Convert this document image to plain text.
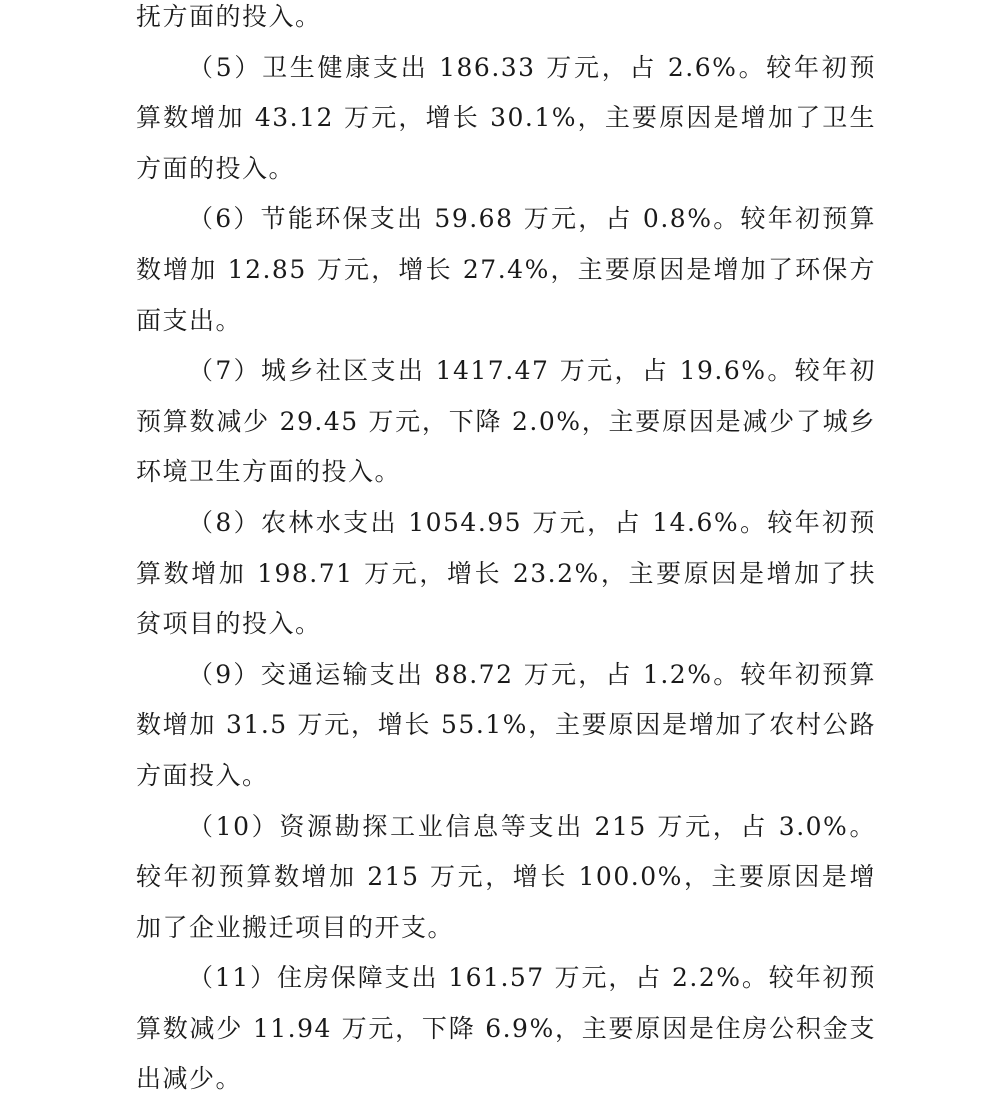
抚方面的投入。

（5）卫生健康支出 186.33 万元，占 2.6%。较年初预算数增加 43.12 万元，增长 30.1%，主要原因是增加了卫生方面的投入。

（6）节能环保支出 59.68 万元，占 0.8%。较年初预算数增加 12.85 万元，增长 27.4%，主要原因是增加了环保方面支出。

（7）城乡社区支出 1417.47 万元，占 19.6%。较年初预算数减少 29.45 万元，下降 2.0%，主要原因是减少了城乡环境卫生方面的投入。

（8）农林水支出 1054.95 万元，占 14.6%。较年初预算数增加 198.71 万元，增长 23.2%，主要原因是增加了扶贫项目的投入。

（9）交通运输支出 88.72 万元，占 1.2%。较年初预算数增加 31.5 万元，增长 55.1%，主要原因是增加了农村公路方面投入。

（10）资源勘探工业信息等支出 215 万元，占 3.0%。较年初预算数增加 215 万元，增长 100.0%，主要原因是增加了企业搬迁项目的开支。

（11）住房保障支出 161.57 万元，占 2.2%。较年初预算数减少 11.94 万元，下降 6.9%，主要原因是住房公积金支出减少。
